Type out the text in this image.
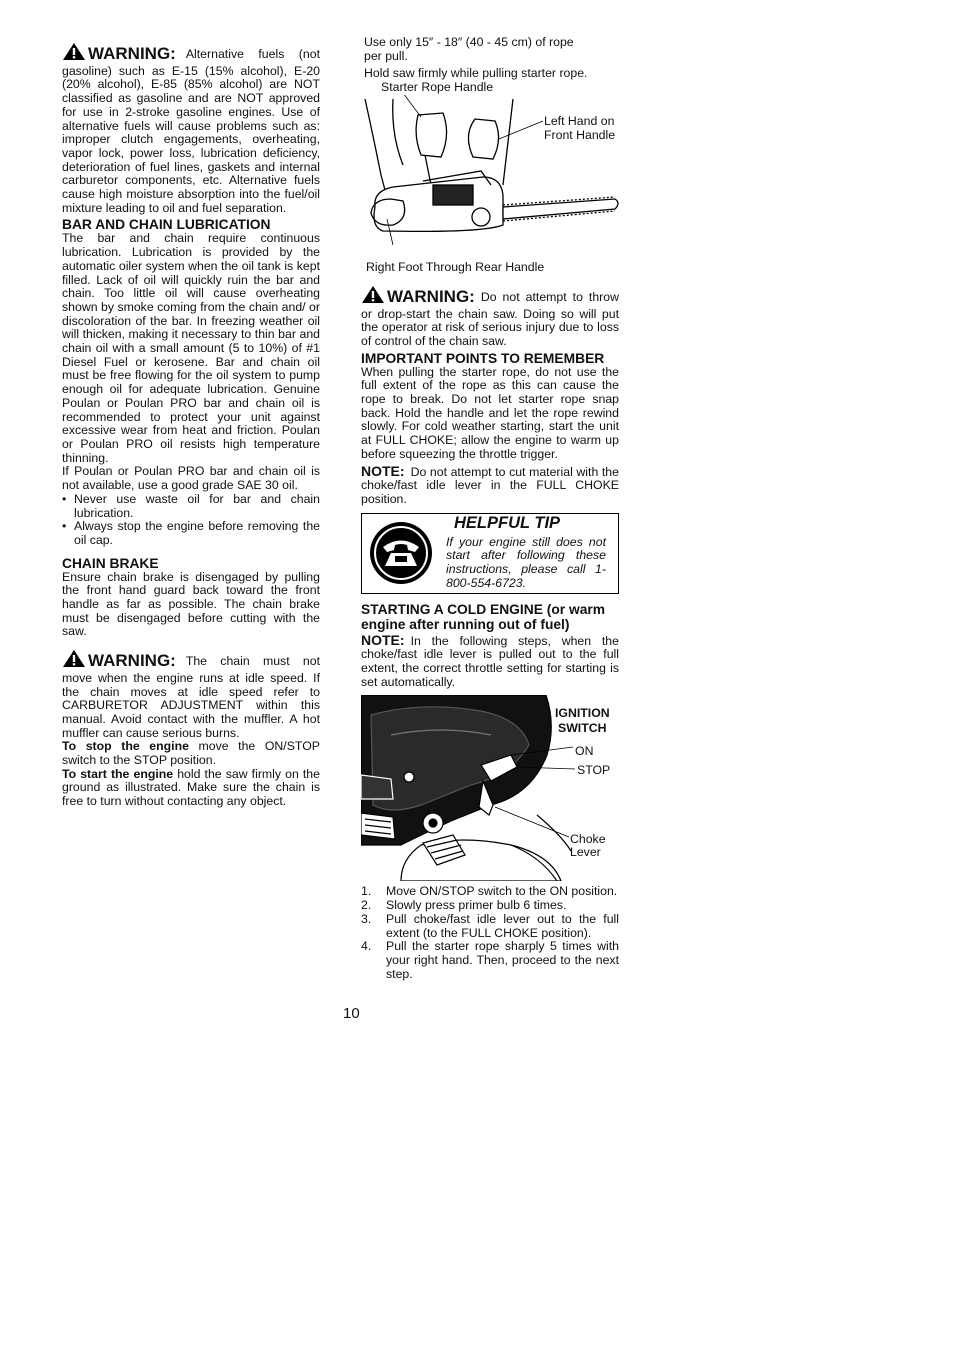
WARNING: Alternative fuels (not gasoline) such as E-15 (15% alcohol), E-20 (20% alcohol), E-85 (85% alcohol) are NOT classified as gasoline and are NOT approved for use in 2-stroke gasoline engines. Use of alternative fuels will cause problems such as: improper clutch engagements, overheating, vapor lock, power loss, lubrication deficiency, deterioration of fuel lines, gaskets and internal carburetor components, etc. Alternative fuels cause high moisture absorption into the fuel/oil mixture leading to oil and fuel separation.

BAR AND CHAIN LUBRICATION

The bar and chain require continuous lubrication. Lubrication is provided by the automatic oiler system when the oil tank is kept filled. Lack of oil will quickly ruin the bar and chain. Too little oil will cause overheating shown by smoke coming from the chain and/ or discoloration of the bar. In freezing weather oil will thicken, making it necessary to thin bar and chain oil with a small amount (5 to 10%) of #1 Diesel Fuel or kerosene. Bar and chain oil must be free flowing for the oil system to pump enough oil for adequate lubrication. Genuine Poulan or Poulan PRO bar and chain oil is recommended to protect your unit against excessive wear from heat and friction. Poulan or Poulan PRO oil resists high temperature thinning.

If Poulan or Poulan PRO bar and chain oil is not available, use a good grade SAE 30 oil.

• Never use waste oil for bar and chain lubrication.
• Always stop the engine before removing the oil cap.
CHAIN BRAKE

Ensure chain brake is disengaged by pulling the front hand guard back toward the front handle as far as possible. The chain brake must be disengaged before cutting with the saw.

WARNING: The chain must not move when the engine runs at idle speed. If the chain moves at idle speed refer to CARBURETOR ADJUSTMENT within this manual. Avoid contact with the muffler. A hot muffler can cause serious burns.

To stop the engine move the ON/STOP switch to the STOP position.

To start the engine hold the saw firmly on the ground as illustrated. Make sure the chain is free to turn without contacting any object.

Use only 15″ - 18″ (40 - 45 cm) of rope per pull.

Hold saw firmly while pulling starter rope.

Starter Rope Handle
Left Hand on Front Handle

Right Foot Through Rear Handle

WARNING: Do not attempt to throw or drop-start the chain saw. Doing so will put the operator at risk of serious injury due to loss of control of the chain saw.

IMPORTANT POINTS TO REMEMBER

When pulling the starter rope, do not use the full extent of the rope as this can cause the rope to break. Do not let starter rope snap back. Hold the handle and let the rope rewind slowly. For cold weather starting, start the unit at FULL CHOKE; allow the engine to warm up before squeezing the throttle trigger.

NOTE: Do not attempt to cut material with the choke/fast idle lever in the FULL CHOKE position.

HELPFUL TIP
If your engine still does not start after following these instructions, please call 1-800-554-6723.
STARTING A COLD ENGINE (or warm engine after running out of fuel)

NOTE: In the following steps, when the choke/fast idle lever is pulled out to the full extent, the correct throttle setting for starting is set automatically.

IGNITION
SWITCH
ON
STOP
Choke
Lever
1. Move ON/STOP switch to the ON position.
2. Slowly press primer bulb 6 times.
3. Pull choke/fast idle lever out to the full extent (to the FULL CHOKE position).
4. Pull the starter rope sharply 5 times with your right hand. Then, proceed to the next step.
10
